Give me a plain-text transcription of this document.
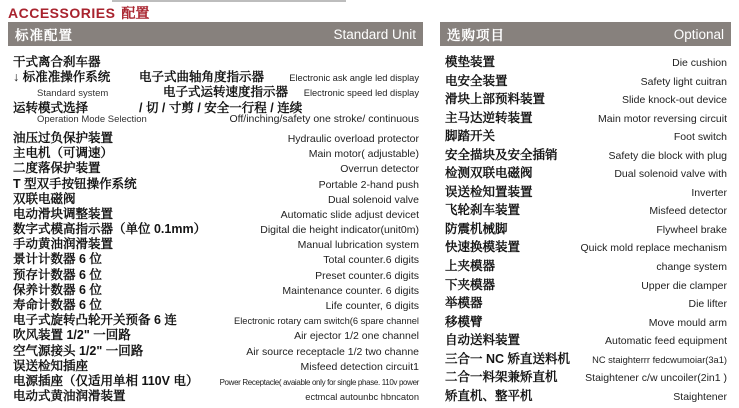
ACCESSORIES 配置
标准配置	Standard Unit
干式离合刹车器
↓ 标准准操作系统	电子式曲轴角度指示器	Electronic ask angle led display
Standard system	电子式运转速度指示器 Electronic speed led display
运转模式选择	/ 切 / 寸剪 / 安全一行程 / 连续
Operation Mode Selection	Off/inching/safety one stroke/ continuous
油压过负保护装置	Hydraulic overload protector
主电机（可调速）	Main motor( adjustable)
二度落保护装置	Overrun detector
T 型双手按钮操作系统	Portable 2-hand push
双联电磁阀	Dual solenoid valve
电动滑块调整装置	Automatic slide adjust devicet
数字式模高指示器（单位 0.1mm）	Digital die height indicator(unit0m)
手动黄油润滑装置	Manual lubrication system
景计计数器 6 位	Total counter.6 digits
预存计数器 6 位	Preset counter.6 digits
保养计数器 6 位	Maintenance counter. 6 digits
寿命计数器 6 位	Life counter, 6 digits
电子式旋转凸轮开关预备 6 连	Electronic rotary cam switch(6 spare channel
吹风装置 1/2" 一回路	Air ejector 1/2 one channel
空气源接头 1/2" 一回路	Air source receptacle 1/2 two channe
误送检知插座	Misfeed detection circuit1
电源插座（仅适用单相 110V 电）	Power Receptacle( avaiable only for single phase. 110v power
电动式黄油润滑装置	ectmcal autounbc hbncaton
选购项目	Optional
模垫装置	Die cushion
电安全装置	Safety light cuitran
滑块上部预料装置	Slide knock-out device
主马达逆转装置	Main motor reversing circuit
脚踏开关	Foot switch
安全描块及安全插销	Safety die block with plug
检测双联电磁阀	Dual solenoid valve with
误送检知置装置	Inverter
飞轮刹车装置	Misfeed detector
防震机械脚	Flywheel brake
快速换模装置	Quick mold replace mechanism
上夹模器	change system
下夹模器	Upper die clamper
举模器	Die lifter
移模臂	Move mould arm
自动送料装置	Automatic feed equipment
三合一 NC 矫直送料机 NC staighterrr fedcwumoiar(3a1)
二合一料架兼矫直机	Staightener c/w uncoiler(2in1 )
矫直机、整平机	Staightener
